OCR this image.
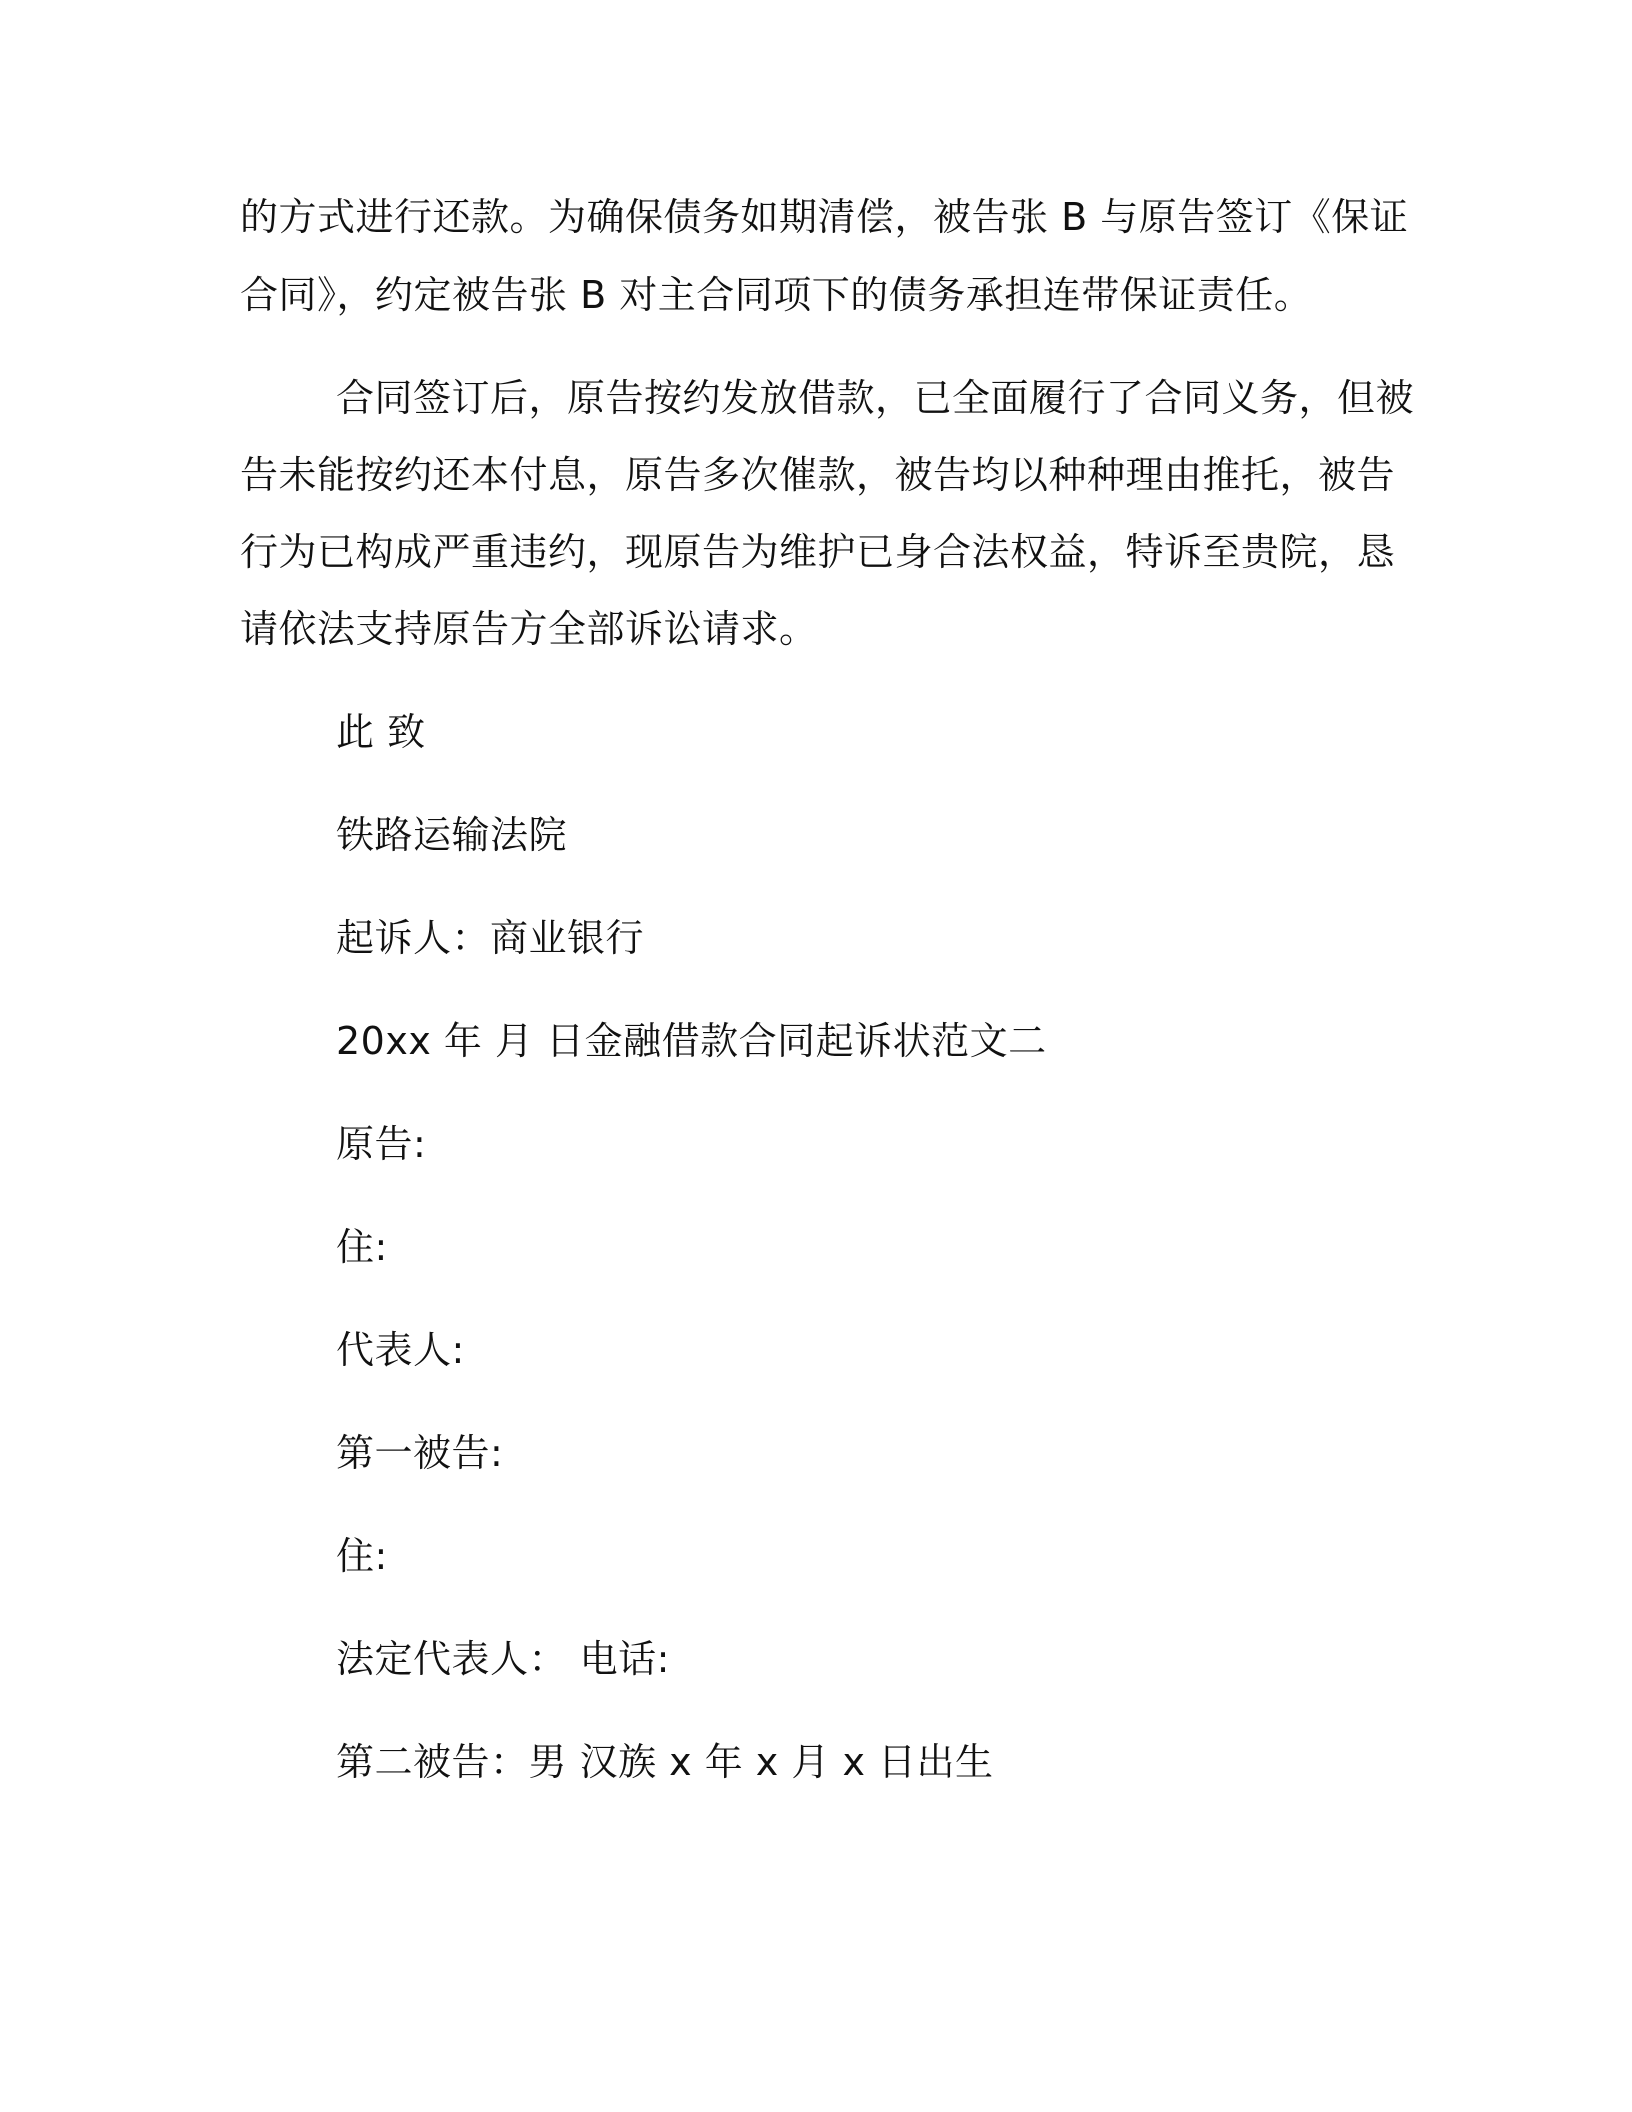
的方式进行还款。为确保债务如期清偿，被告张 B 与原告签订《保证
合同》，约定被告张 B 对主合同项下的债务承担连带保证责任。
合同签订后，原告按约发放借款，已全面履行了合同义务，但被
告未能按约还本付息，原告多次催款，被告均以种种理由推托，被告
行为已构成严重违约，现原告为维护已身合法权益，特诉至贵院，恳
请依法支持原告方全部诉讼请求。
此 致
铁路运输法院
起诉人：商业银行
20xx 年 月 日金融借款合同起诉状范文二
原告:
住:
代表人:
第一被告:
住:
法定代表人： 电话:
第二被告：男 汉族 x 年 x 月 x 日出生
